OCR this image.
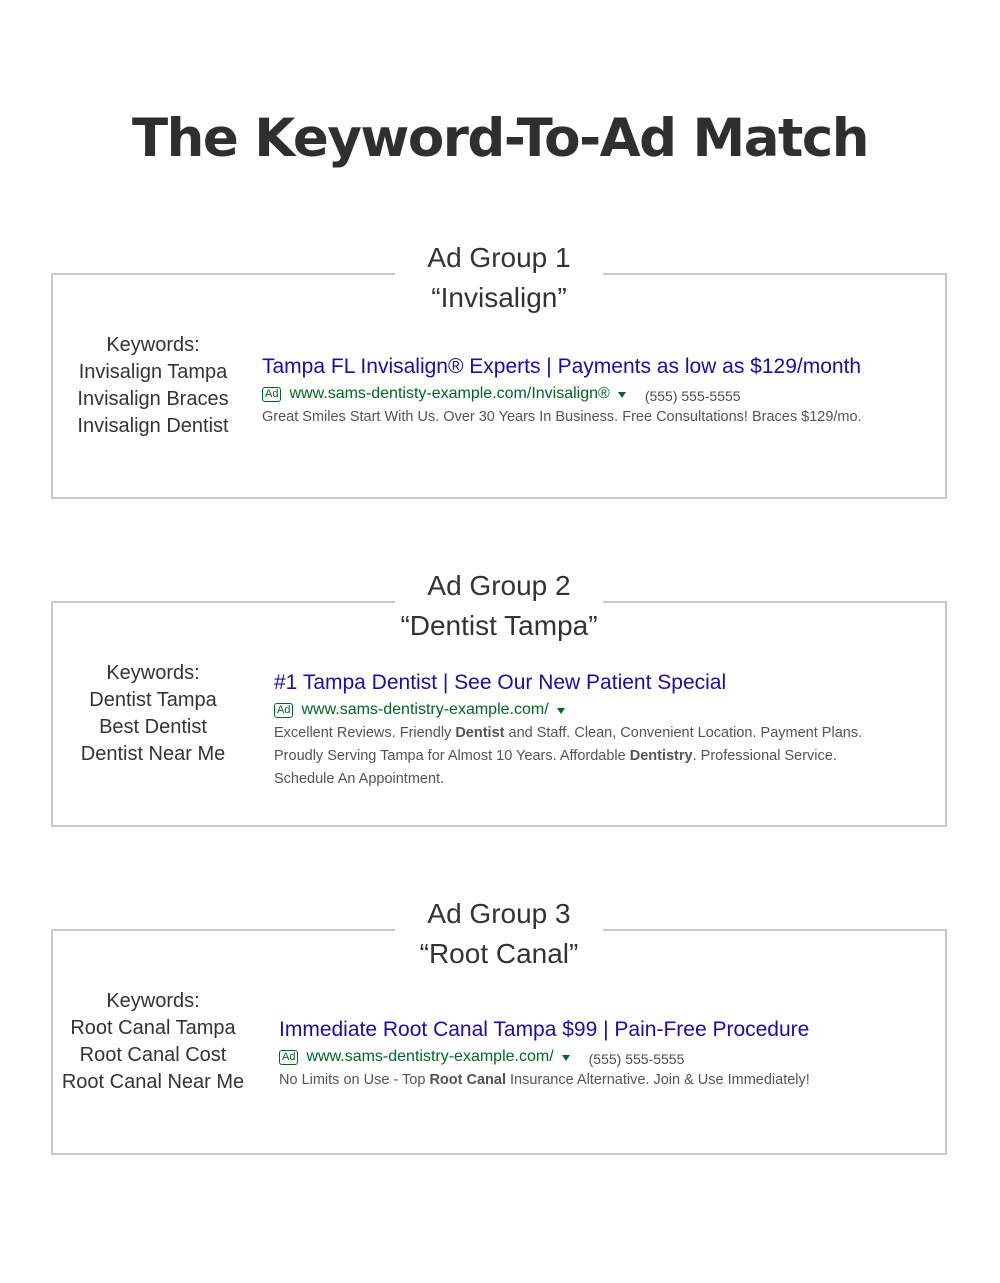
The Keyword-To-Ad Match
Ad Group 1
“Invisalign”
Keywords:
Invisalign Tampa
Invisalign Braces
Invisalign Dentist
Tampa FL Invisalign® Experts | Payments as low as $129/month
Ad www.sams-dentisty-example.com/Invisalign®	(555) 555-5555
Great Smiles Start With Us. Over 30 Years In Business. Free Consultations! Braces $129/mo.
Ad Group 2
“Dentist Tampa”
Keywords:
Dentist Tampa
Best Dentist
Dentist Near Me
#1 Tampa Dentist | See Our New Patient Special
Ad www.sams-dentistry-example.com/
Excellent Reviews. Friendly Dentist and Staff. Clean, Convenient Location. Payment Plans.
Proudly Serving Tampa for Almost 10 Years. Affordable Dentistry. Professional Service.
Schedule An Appointment.
Ad Group 3
“Root Canal”
Keywords:
Root Canal Tampa
Root Canal Cost
Root Canal Near Me
Immediate Root Canal Tampa $99 | Pain-Free Procedure
Ad www.sams-dentistry-example.com/	(555) 555-5555
No Limits on Use - Top Root Canal Insurance Alternative. Join & Use Immediately!
